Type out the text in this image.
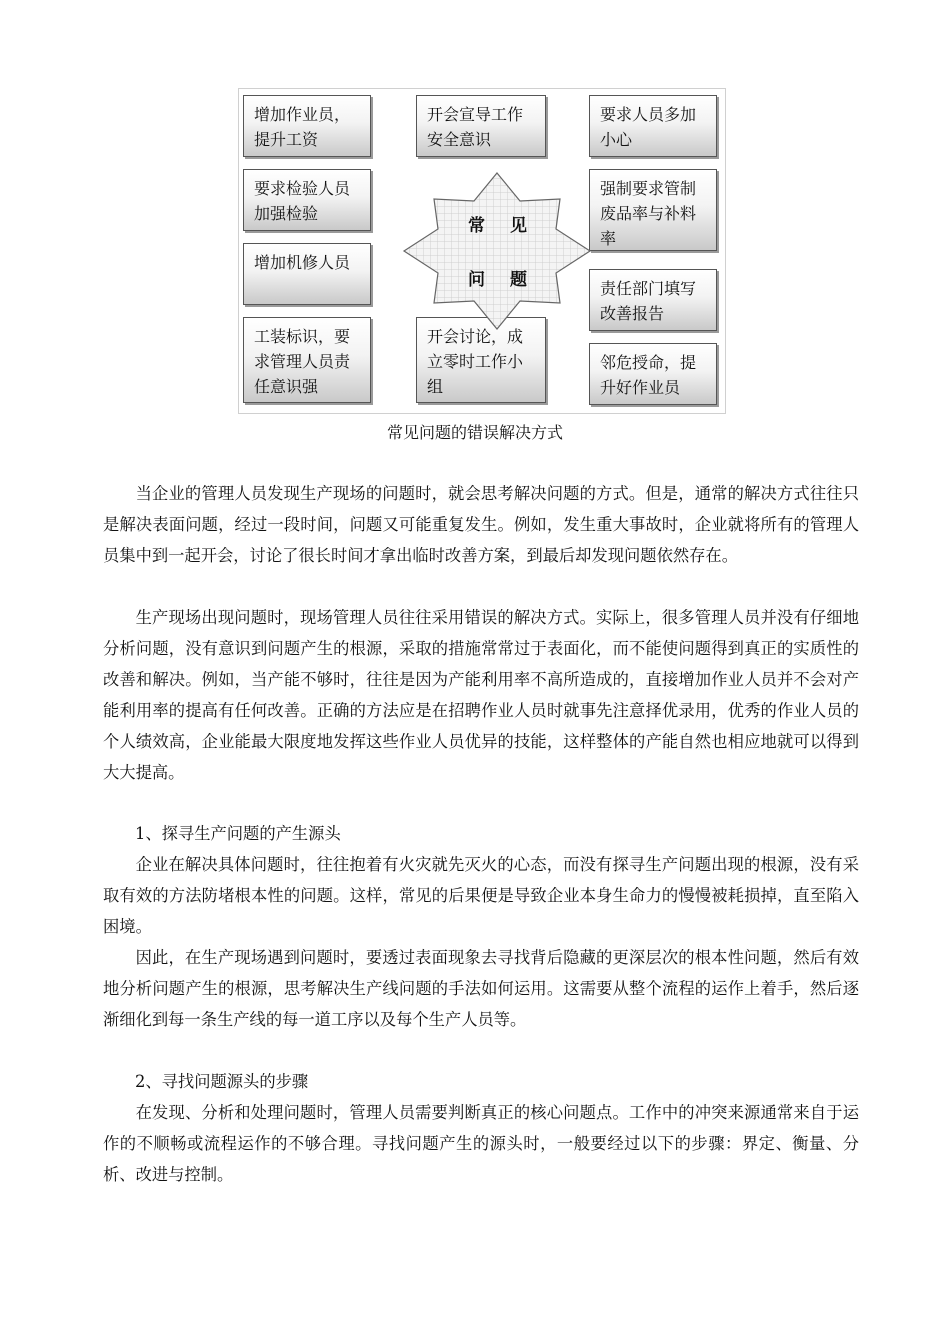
增加作业员，提升工资
开会宣导工作安全意识
要求人员多加小心
要求检验人员加强检验
强制要求管制废品率与补料率
增加机修人员
责任部门填写改善报告
工装标识，要求管理人员责任意识强
开会讨论，成立零时工作小组
邻危授命，提升好作业员
常 见
问 题
常见问题的错误解决方式

当企业的管理人员发现生产现场的问题时，就会思考解决问题的方式。但是，通常的解决方式往往只是解决表面问题，经过一段时间，问题又可能重复发生。例如，发生重大事故时，企业就将所有的管理人员集中到一起开会，讨论了很长时间才拿出临时改善方案，到最后却发现问题依然存在。

生产现场出现问题时，现场管理人员往往采用错误的解决方式。实际上，很多管理人员并没有仔细地分析问题，没有意识到问题产生的根源，采取的措施常常过于表面化，而不能使问题得到真正的实质性的改善和解决。例如，当产能不够时，往往是因为产能利用率不高所造成的，直接增加作业人员并不会对产能利用率的提高有任何改善。正确的方法应是在招聘作业人员时就事先注意择优录用，优秀的作业人员的个人绩效高，企业能最大限度地发挥这些作业人员优异的技能，这样整体的产能自然也相应地就可以得到大大提高。

1、探寻生产问题的产生源头

企业在解决具体问题时，往往抱着有火灾就先灭火的心态，而没有探寻生产问题出现的根源，没有采取有效的方法防堵根本性的问题。这样，常见的后果便是导致企业本身生命力的慢慢被耗损掉，直至陷入困境。

因此，在生产现场遇到问题时，要透过表面现象去寻找背后隐藏的更深层次的根本性问题，然后有效地分析问题产生的根源，思考解决生产线问题的手法如何运用。这需要从整个流程的运作上着手，然后逐渐细化到每一条生产线的每一道工序以及每个生产人员等。

2、寻找问题源头的步骤

在发现、分析和处理问题时，管理人员需要判断真正的核心问题点。工作中的冲突来源通常来自于运作的不顺畅或流程运作的不够合理。寻找问题产生的源头时，一般要经过以下的步骤：界定、衡量、分析、改进与控制。
